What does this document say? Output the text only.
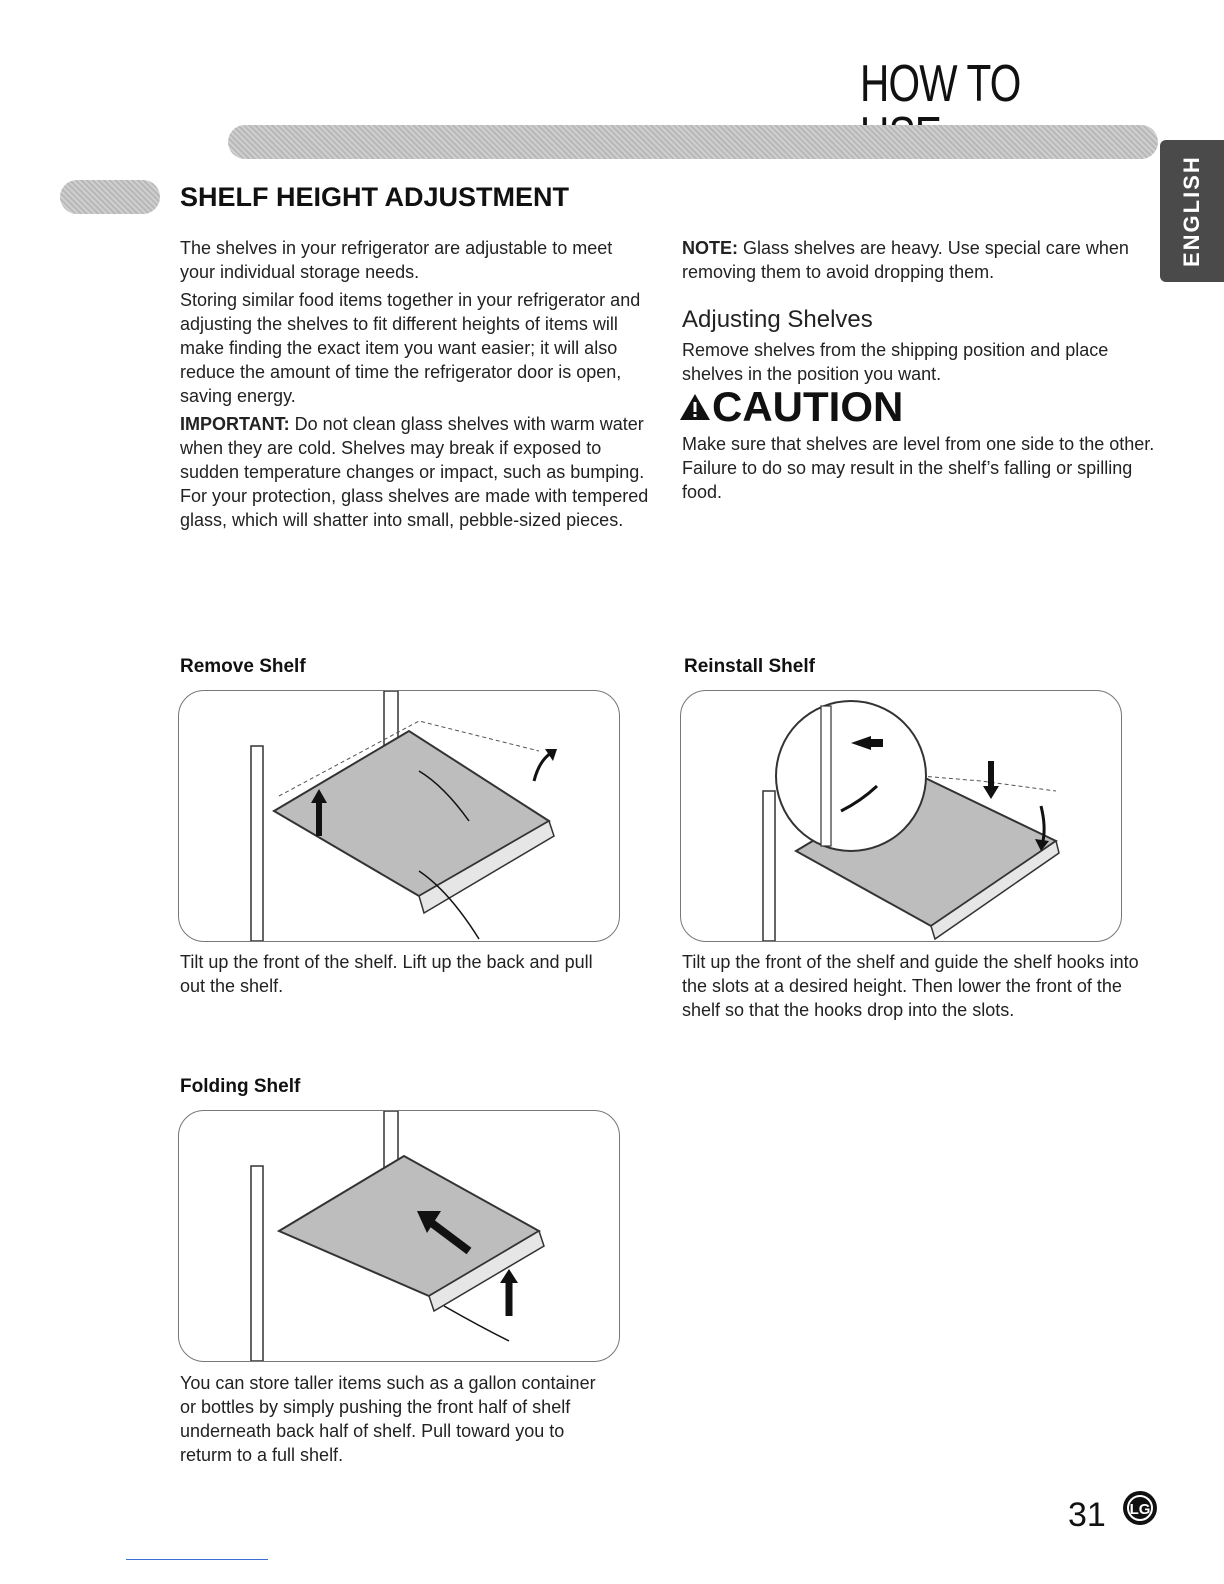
HOW TO
ENGLISH
SHELF HEIGHT ADJUSTMENT

The shelves in your refrigerator are adjustable to meet your individual storage needs.

Storing similar food items together in your refrigerator and adjusting the shelves to fit different heights of items will make finding the exact item you want easier; it will also reduce the amount of time the refrigerator door is open, saving energy.

IMPORTANT: Do not clean glass shelves with warm water when they are cold. Shelves may break if exposed to sudden temperature changes or impact, such as bumping. For your protection, glass shelves are made with tempered glass, which will shatter into small, pebble-sized pieces.

NOTE: Glass shelves are heavy. Use special care when removing them to avoid dropping them.

Adjusting Shelves

Remove shelves from the shipping position and place shelves in the position you want.

CAUTION

Make sure that shelves are level from one side to the other. Failure to do so may result in the shelf’s falling or spilling food.

Remove Shelf
Tilt up the front of the shelf. Lift up the back and pull out the shelf.
Reinstall Shelf
Tilt up the front of the shelf and guide the shelf hooks into the slots at a desired height. Then lower the front of the shelf so that the hooks drop into the slots.
Folding Shelf
You can store taller items such as a gallon container or bottles by simply pushing the front half of shelf underneath back half of shelf. Pull toward you to returm to a full shelf.
31 LG
